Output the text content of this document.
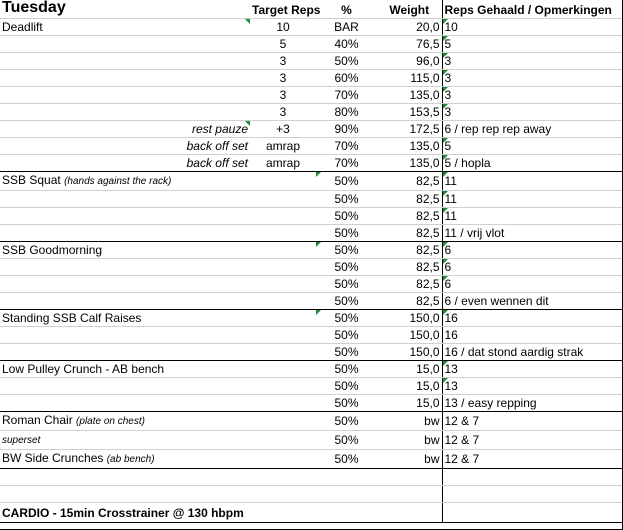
Tuesday	Target Reps	%	Weight	Reps Gehaald / Opmerkingen
Deadlift	10	BAR	20,0	10
	5	40%	76,5	5
	3	50%	96,0	3
	3	60%	115,0	3
	3	70%	135,0	3
	3	80%	153,5	3
rest pauze	+3	90%	172,5	6 / rep rep rep away
back off set	amrap	70%	135,0	5
back off set	amrap	70%	135,0	5 / hopla
SSB Squat (hands against the rack)		50%	82,5	11
		50%	82,5	11
		50%	82,5	11
		50%	82,5	11 / vrij vlot
SSB Goodmorning		50%	82,5	6
		50%	82,5	6
		50%	82,5	6
		50%	82,5	6 / even wennen dit
Standing SSB Calf Raises		50%	150,0	16
		50%	150,0	16
		50%	150,0	16 / dat stond aardig strak
Low Pulley Crunch - AB bench		50%	15,0	13
		50%	15,0	13
		50%	15,0	13 / easy repping
Roman Chair (plate on chest)		50%	bw	12 & 7
superset		50%	bw	12 & 7
BW Side Crunches (ab bench)		50%	bw	12 & 7

CARDIO - 15min Crosstrainer @ 130 hbpm				
